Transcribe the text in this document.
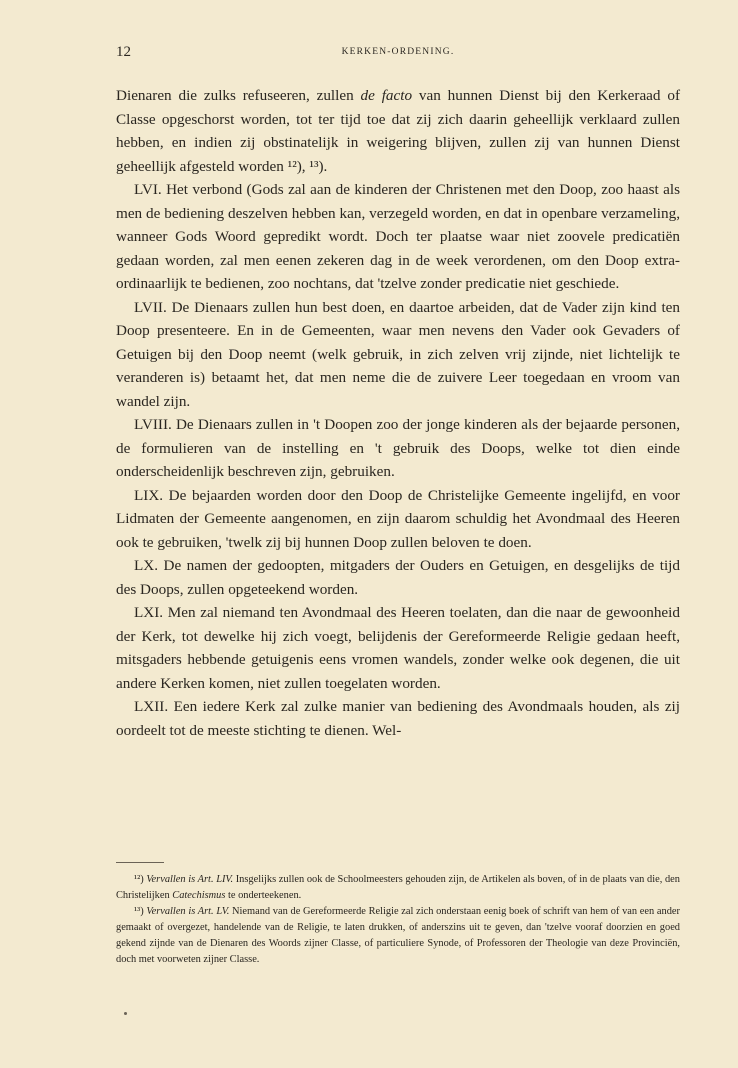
12	KERKEN-ORDENING.

Dienaren die zulks refuseeren, zullen de facto van hunnen Dienst bij den Kerkeraad of Classe opgeschorst worden, tot ter tijd toe dat zij zich daarin geheellijk verklaard zullen hebben, en indien zij obstinatelijk in weigering blijven, zullen zij van hunnen Dienst geheellijk afgesteld worden ¹²), ¹³).

LVI. Het verbond (Gods zal aan de kinderen der Christenen met den Doop, zoo haast als men de bediening deszelven hebben kan, verzegeld worden, en dat in openbare verzameling, wanneer Gods Woord gepredikt wordt. Doch ter plaatse waar niet zoovele predicatiën gedaan worden, zal men eenen zekeren dag in de week verordenen, om den Doop extra-ordinaarlijk te bedienen, zoo nochtans, dat 'tzelve zonder predicatie niet geschiede.

LVII. De Dienaars zullen hun best doen, en daartoe arbeiden, dat de Vader zijn kind ten Doop presenteere. En in de Gemeenten, waar men nevens den Vader ook Gevaders of Getuigen bij den Doop neemt (welk gebruik, in zich zelven vrij zijnde, niet lichtelijk te veranderen is) betaamt het, dat men neme die de zuivere Leer toegedaan en vroom van wandel zijn.

LVIII. De Dienaars zullen in 't Doopen zoo der jonge kinderen als der bejaarde personen, de formulieren van de instelling en 't gebruik des Doops, welke tot dien einde onderscheidenlijk beschreven zijn, gebruiken.

LIX. De bejaarden worden door den Doop de Christelijke Gemeente ingelijfd, en voor Lidmaten der Gemeente aangenomen, en zijn daarom schuldig het Avondmaal des Heeren ook te gebruiken, 'twelk zij bij hunnen Doop zullen beloven te doen.

LX. De namen der gedoopten, mitgaders der Ouders en Getuigen, en desgelijks de tijd des Doops, zullen opgeteekend worden.

LXI. Men zal niemand ten Avondmaal des Heeren toelaten, dan die naar de gewoonheid der Kerk, tot dewelke hij zich voegt, belijdenis der Gereformeerde Religie gedaan heeft, mitsgaders hebbende getuigenis eens vromen wandels, zonder welke ook degenen, die uit andere Kerken komen, niet zullen toegelaten worden.

LXII. Een iedere Kerk zal zulke manier van bediening des Avondmaals houden, als zij oordeelt tot de meeste stichting te dienen. Wel-

¹²) Vervallen is Art. LIV. Insgelijks zullen ook de Schoolmeesters gehouden zijn, de Artikelen als boven, of in de plaats van die, den Christelijken Catechismus te onderteekenen.

¹³) Vervallen is Art. LV. Niemand van de Gereformeerde Religie zal zich onderstaan eenig boek of schrift van hem of van een ander gemaakt of overgezet, handelende van de Religie, te laten drukken, of anderszins uit te geven, dan 'tzelve vooraf doorzien en goed gekend zijnde van de Dienaren des Woords zijner Classe, of particuliere Synode, of Professoren der Theologie van deze Provinciën, doch met voorweten zijner Classe.
